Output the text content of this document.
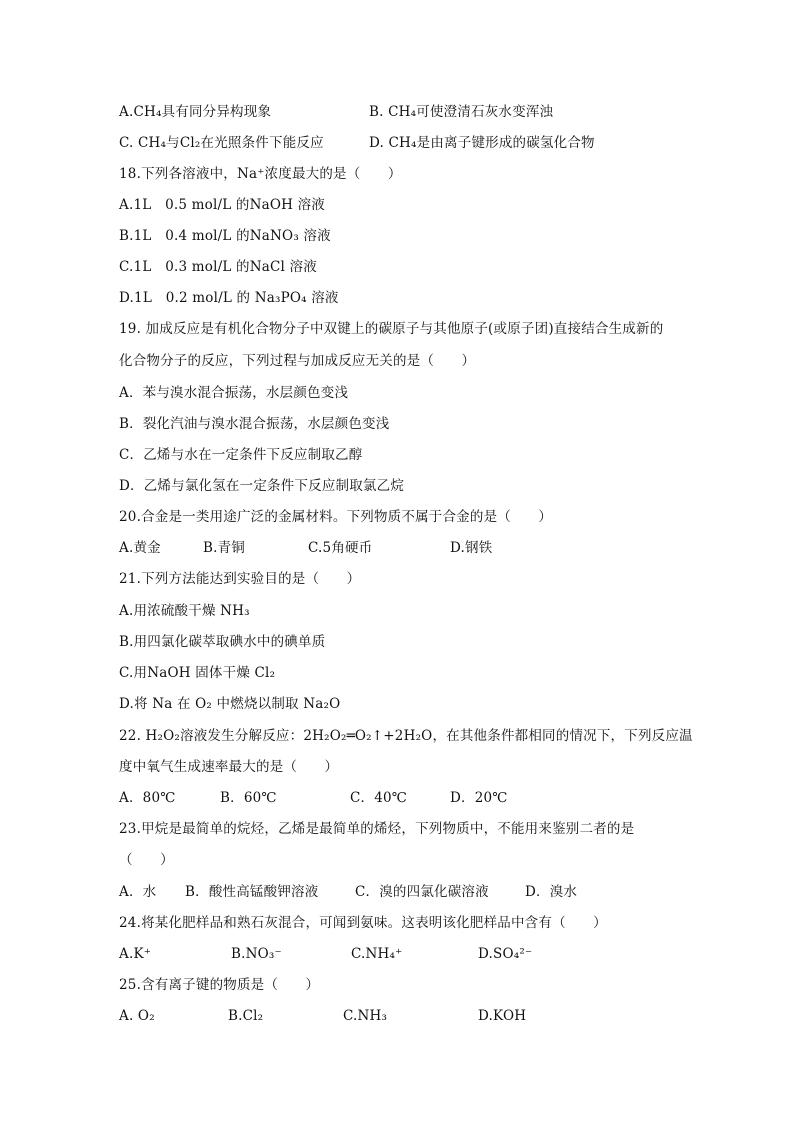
A.CH₄具有同分异构现象	B. CH₄可使澄清石灰水变浑浊
C. CH₄与Cl₂在光照条件下能反应	D. CH₄是由离子键形成的碳氢化合物
18.下列各溶液中，Na⁺浓度最大的是（　　）
A.1L　0.5 mol/L 的NaOH 溶液
B.1L　0.4 mol/L 的NaNO₃ 溶液
C.1L　0.3 mol/L 的NaCl 溶液
D.1L　0.2 mol/L 的 Na₃PO₄ 溶液
19. 加成反应是有机化合物分子中双键上的碳原子与其他原子(或原子团)直接结合生成新的
化合物分子的反应，下列过程与加成反应无关的是（　　）
A．苯与溴水混合振荡，水层颜色变浅
B．裂化汽油与溴水混合振荡，水层颜色变浅
C．乙烯与水在一定条件下反应制取乙醇
D．乙烯与氯化氢在一定条件下反应制取氯乙烷
20.合金是一类用途广泛的金属材料。下列物质不属于合金的是（　　）
A.黄金	B.青铜	C.5角硬币	D.钢铁
21.下列方法能达到实验目的是（　　）
A.用浓硫酸干燥 NH₃
B.用四氯化碳萃取碘水中的碘单质
C.用NaOH 固体干燥 Cl₂
D.将 Na 在 O₂ 中燃烧以制取 Na₂O
22. H₂O₂溶液发生分解反应：2H₂O₂═O₂↑+2H₂O，在其他条件都相同的情况下，下列反应温
度中氧气生成速率最大的是（　　）
A．80℃	B．60℃	C．40℃	D．20℃
23.甲烷是最简单的烷烃，乙烯是最简单的烯烃，下列物质中，不能用来鉴别二者的是
（　　）
A．水 B．酸性高锰酸钾溶液	C．溴的四氯化碳溶液	D．溴水
24.将某化肥样品和熟石灰混合，可闻到氨味。这表明该化肥样品中含有（　　）
A.K⁺	B.NO₃⁻	C.NH₄⁺	D.SO₄²⁻
25.含有离子键的物质是（　　）
A. O₂	B.Cl₂	C.NH₃	D.KOH
